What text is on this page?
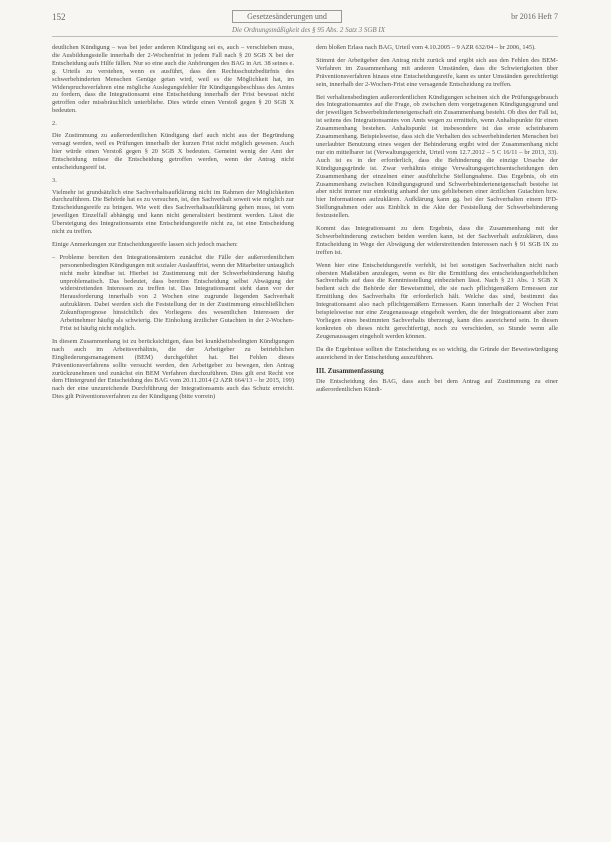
152	Gesetzesänderungen und	br 2016 Heft 7
Die Ordnungsmäßigkeit des § 95 Abs. 2 Satz 3 SGB IX

deutlichen Kündigung – was bei jeder anderen Kündigung sei es, auch – verschieben muss, die Ausbildungsstelle innerhalb der 2-Wochenfrist in jedem Fall nach § 20 SGB X bei der Entscheidung aufs Hilfe fällen. Nur so eine auch die Anhörungen des BAG in Art. 38 seines e. g. Urteils zu verstehen, wenn es ausführt, dass den Rechtsschutzbedürfnis des schwerbehinderten Menschen Genüge getan wird, weil es die Möglichkeit hat, im Widerspruchsverfahren eine mögliche Auslegungsfehler für Kündigungsbeschluss des Amtes zu fordern, dass die Integrationsamt eine Entscheidung innerhalb der Frist bewusst nicht getroffen oder missbräuchlich unterbliebe. Dies würde einen Verstoß gegen § 20 SGB X bedeuten.

2.

Die Zustimmung zu außerordentlichen Kündigung darf auch nicht aus der Begründung versagt werden, weil es Prüfungen innerhalb der kurzen Frist nicht möglich gewesen. Auch hier würde einen Verstoß gegen § 20 SGB X bedeuten. Gemeint wenig der Amt der Entscheidung müsse die Entscheidung getroffen werden, wenn der Antrag nicht entscheidungsreif ist.

3.

Vielmehr ist grundsätzlich eine Sachverhaltsaufklärung nicht im Rahmen der Möglichkeiten durchzuführen. Die Behörde hat es zu versuchen, ist, den Sachverhalt soweit wie möglich zur Entscheidungsreife zu bringen. Wie weit dies Sachverhaltsaufklärung gehen muss, ist vom jeweiligen Einzelfall abhängig und kann nicht generalisiert bestimmt werden. Lässt die Übersteigung des Integrationsamts eine Entscheidungsreife nicht zu, ist eine Entscheidung nicht zu treffen.

Einige Anmerkungen zur Entscheidungsreife lassen sich jedoch machen:

– Probleme bereiten den Integrationsämtern zunächst die Fälle der außerordentlichen personenbedingten Kündigungen mit sozialer Auslauffrist, wenn der Mitarbeiter untauglich nicht mehr kündbar ist. Hierbei ist Zustimmung mit der Schwerbehinderung häufig unproblematisch. Das bedeutet, dass bereiten Entscheidung selbst Abwägung der widerstreitenden Interessen zu treffen ist. Das Integrationsamt sieht dann vor der Herausforderung innerhalb von 2 Wochen eine zugrunde liegenden Sachverhalt aufzuklären. Dabei werden sich die Feststellung der in der Zustimmung einschließlichen Zukunftsprognose hinsichtlich des Vorliegens des wesentlichen Interessen der Arbeitnehmer häufig als schwierig. Die Einholung ärztlicher Gutachten in der 2-Wochen-Frist ist häufig nicht möglich.

In diesem Zusammenhang ist zu berücksichtigen, dass bei krankheitsbedingten Kündigungen nach auch im Arbeitsverhältnis, die der Arbeitgeber zu betrieblichen Eingliederungsmanagement (BEM) durchgeführt hat. Bei Fehlen dieses Präventionsverfahrens sollte versucht werden, den Arbeitgeber zu bewegen, den Antrag zurückzunehmen und zunächst ein BEM Verfahren durchzuführen. Dies gilt erst Recht vor dem Hintergrund der Entscheidung des BAG vom 20.11.2014 (2 AZR 664/13 – br 2015, 199) nach der eine unzureichende Durchführung der Integrationsamts auch das Schutz erreicht. Dies gilt Präventionsverfahren zu der Kündigung (bitte vorrein)

dem bloßen Erlass nach BAG, Urteil vom 4.10.2005 – 9 AZR 632/04 – br 2006, 145).

Stimmt der Arbeitgeber den Antrag nicht zurück und ergibt sich aus den Fehlen des BEM-Verfahren im Zusammenhang mit anderen Umständen, dass die Schwierigkeiten über Präventionsverfahren hinaus eine Entscheidungsreife, kann es unter Umständen gerechtfertigt sein, innerhalb der 2-Wochen-Frist eine versagende Entscheidung zu treffen.

Bei verhaltensbedingten außerordentlichen Kündigungen scheinen sich die Prüfungsgebrauch des Integrationsamtes auf die Frage, ob zwischen dem vorgetragenen Kündigungsgrund und der jeweiligen Schwerbehinderteneigenschaft ein Zusammenhang besteht. Ob dies der Fall ist, ist seitens des Integrationsamtes von Amts wegen zu ermitteln, wenn Anhaltspunkte für einen Zusammenhang bestehen. Anhaltspunkt ist insbesondere ist das erste scheinbarem Zusammenhang. Beispielsweise, dass sich die Verhalten des schwerbehinderten Menschen bei unerlaubter Benutzung eines wegen der Behinderung ergibt wird der Zusammenhang nicht nur ein mittelbarer ist (Verwaltungsgericht, Urteil vom 12.7.2012 – 5 C 16/11 – br 2013, 33). Auch ist es in der erforderlich, dass die Behinderung die einzige Ursache der Kündigungsgründe ist. Zwar verhältnis einige Verwaltungsgerichtsentscheidungen den Zusammenhang der einzelnen einer ausführliche Stellungnahme. Das Ergebnis, ob ein Zusammenhang zwischen Kündigungsgrund und Schwerbehinderteneigenschaft bestehe ist aber nicht immer nur eindeutig anhand der uns gebliebenen einer ärztlichen Gutachten bzw. hier Informationen aufzuklären. Aufklärung kann gg. bei der Sachverhalten einem IFD-Stellungnahmen oder aus Einblick in die Akte der Feststellung der Schwerbehinderung festzustellen.

Kommt das Integrationsamt zu dem Ergebnis, dass die Zusammenhang mit der Schwerbehinderung zwischen beiden werden kann, ist der Sachverhalt aufzuklären, dass Entscheidung in Wege der Abwägung der widerstreitenden Interessen nach § 91 SGB IX zu treffen ist.

Wenn hier eine Entscheidungsreife verfehlt, ist bei sonstigen Sachverhalten nicht nach obersten Maßstäben anzulegen, wenn es für die Ermittlung des entscheidungserheblichen Sachverhalts auf dass die Kenntnisstellung einbeziehen lässt. Nach § 21 Abs. 1 SGB X bedient sich die Behörde der Beweismittel, die sie nach pflichtgemäßem Ermessen zur Ermittlung des Sachverhalts für erforderlich hält. Welche das sind, bestimmt das Integrationsamt also nach pflichtgemäßem Ermessen. Kann innerhalb der 2 Wochen Frist beispielsweise nur eine Zeugenaussage eingeholt werden, die der Integrationsamt aber zum Vorliegen eines bestimmten Sachverhalts überzeugt, kann dies ausreichend sein. In diesen konkreten ob dieses nicht gerechtfertigt, noch zu verschieden, so Stunde wenn alle Zeugenaussagen eingeholt werden können.

Da die Ergebnisse sollten die Entscheidung es so wichtig, die Gründe der Beweiswürdigung ausreichend in der Entscheidung auszuführen.

III. Zusammenfassung

Die Entscheidung des BAG, dass auch bei dem Antrag auf Zustimmung zu einer außerordentlichen Kündi-
